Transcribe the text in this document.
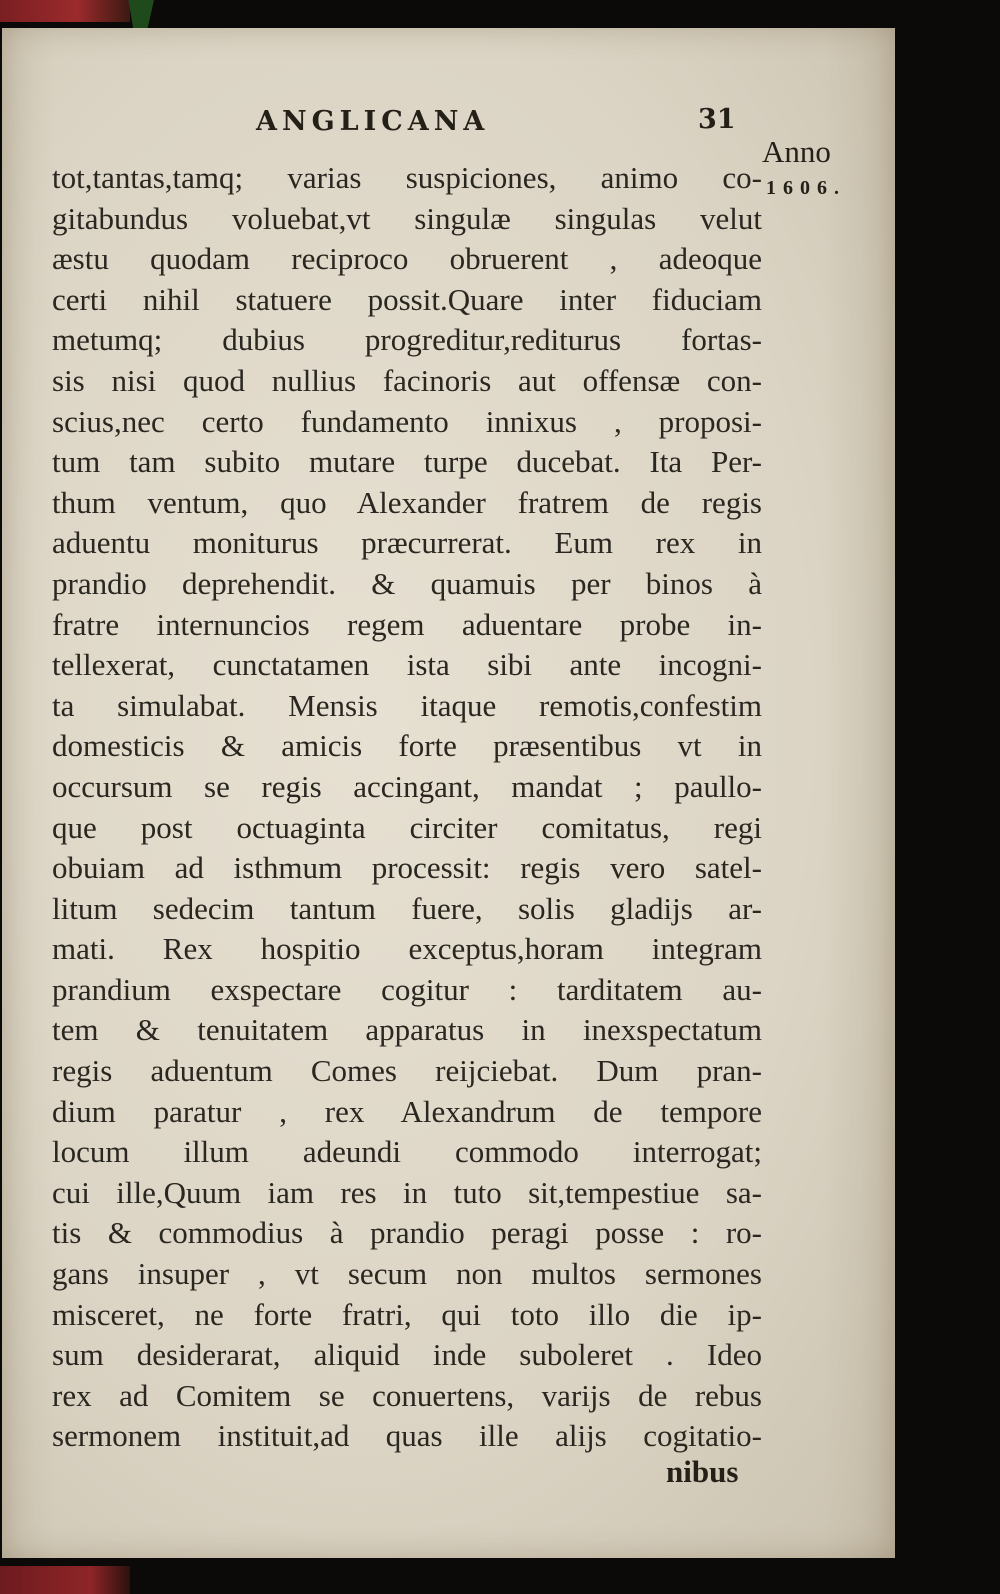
ANGLICANA	31
Anno
1606.
tot,tantas,tamq; varias suspiciones, animo co-
gitabundus voluebat,vt singulæ singulas velut
æstu quodam reciproco obruerent , adeoque
certi nihil statuere possit.Quare inter fiduciam
metumq; dubius progreditur,rediturus fortas-
sis nisi quod nullius facinoris aut offensæ con-
scius,nec certo fundamento innixus , proposi-
tum tam subito mutare turpe ducebat. Ita Per-
thum ventum, quo Alexander fratrem de regis
aduentu moniturus præcurrerat. Eum rex in
prandio deprehendit. & quamuis per binos à
fratre internuncios regem aduentare probe in-
tellexerat, cunctatamen ista sibi ante incogni-
ta simulabat. Mensis itaque remotis,confestim
domesticis & amicis forte præsentibus vt in
occursum se regis accingant, mandat ; paullo-
que post octuaginta circiter comitatus, regi
obuiam ad isthmum processit: regis vero satel-
litum sedecim tantum fuere, solis gladijs ar-
mati. Rex hospitio exceptus,horam integram
prandium exspectare cogitur : tarditatem au-
tem & tenuitatem apparatus in inexspectatum
regis aduentum Comes reijciebat. Dum pran-
dium paratur , rex Alexandrum de tempore
locum illum adeundi commodo interrogat;
cui ille,Quum iam res in tuto sit,tempestiue sa-
tis & commodius à prandio peragi posse : ro-
gans insuper , vt secum non multos sermones
misceret, ne forte fratri, qui toto illo die ip-
sum desiderarat, aliquid inde suboleret . Ideo
rex ad Comitem se conuertens, varijs de rebus
sermonem instituit,ad quas ille alijs cogitatio-
nibus
